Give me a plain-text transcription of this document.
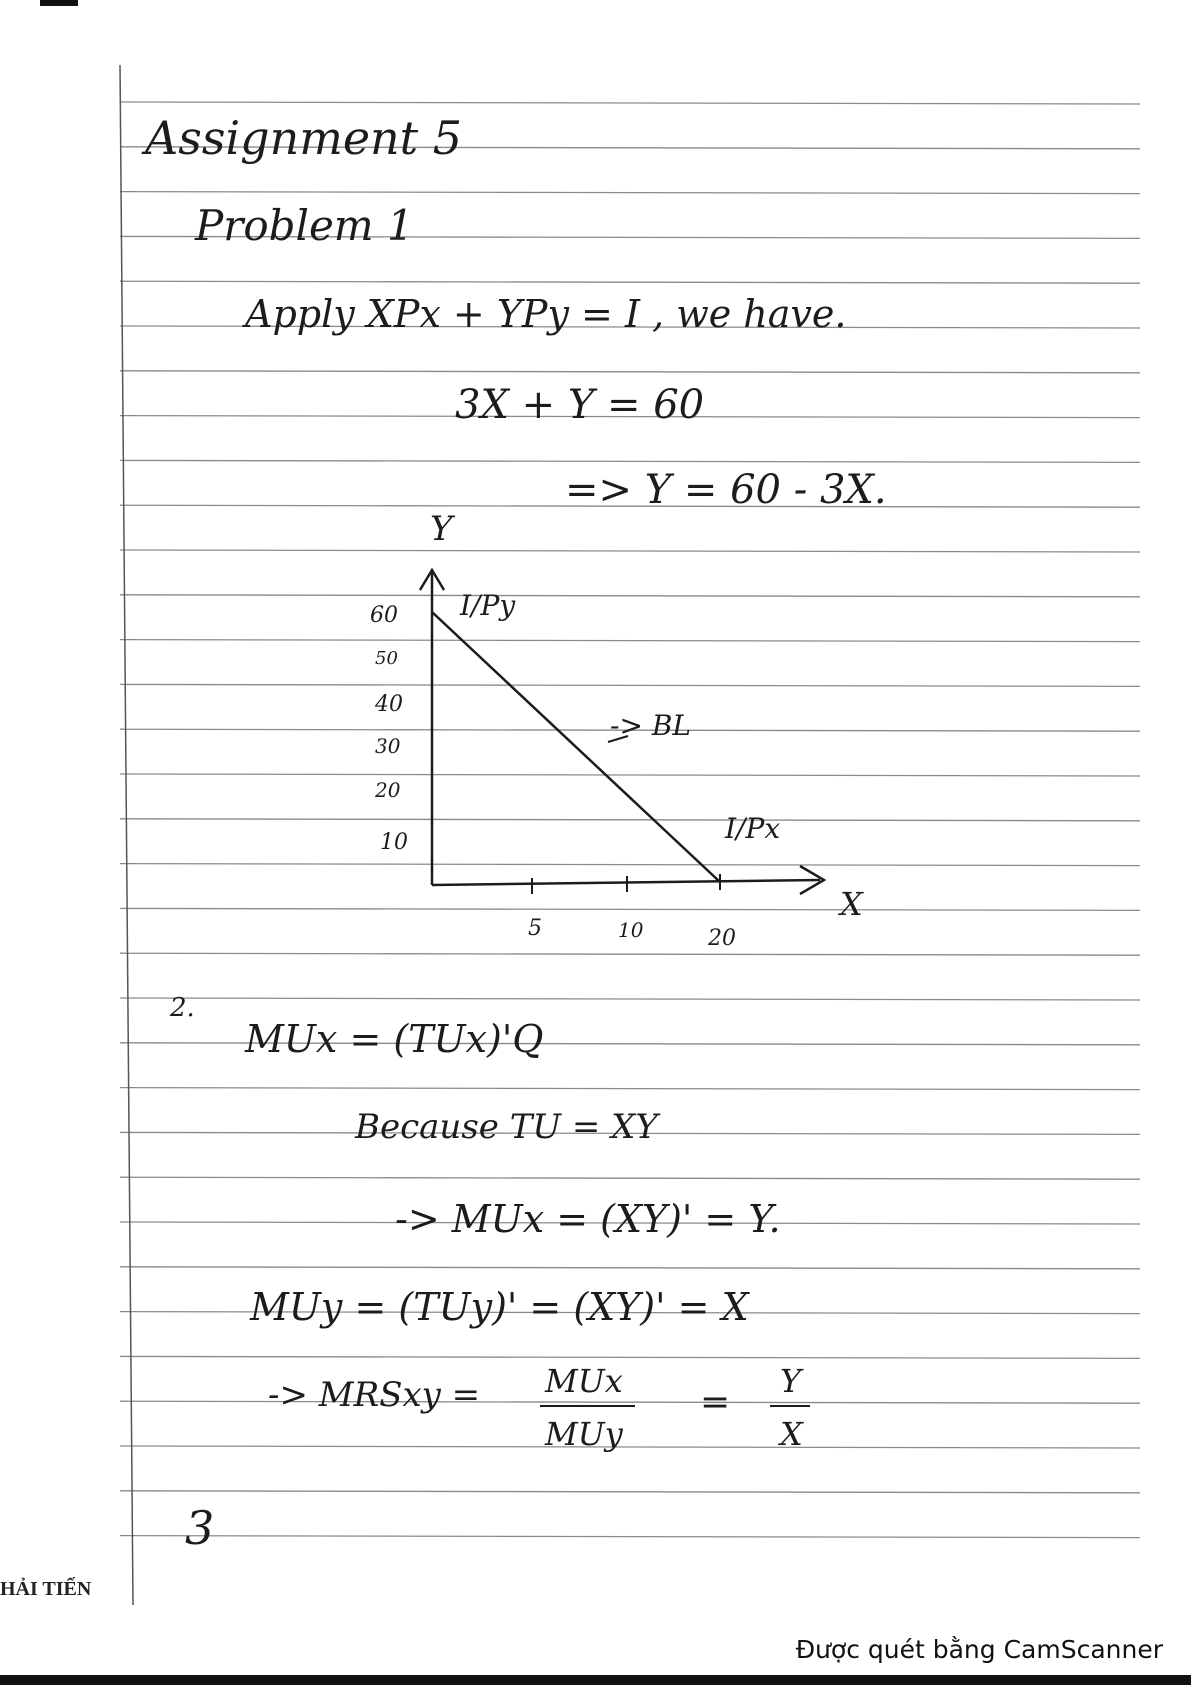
Assignment 5
Problem 1
Apply XPx + YPy = I , we have.
3X + Y = 60
=> Y = 60 - 3X.
Y
X
60
50
40
30
20
10
5	10	20
I/Py
I/Px
-> BL
2.
MUx = (TUx)'Q
Because TU = XY
-> MUx = (XY)' = Y.
MUy = (TUy)' = (XY)' = X
-> MRSxy = MUx
MUy
=
Y
X
3
HẢI TIẾN
Được quét bằng CamScanner
